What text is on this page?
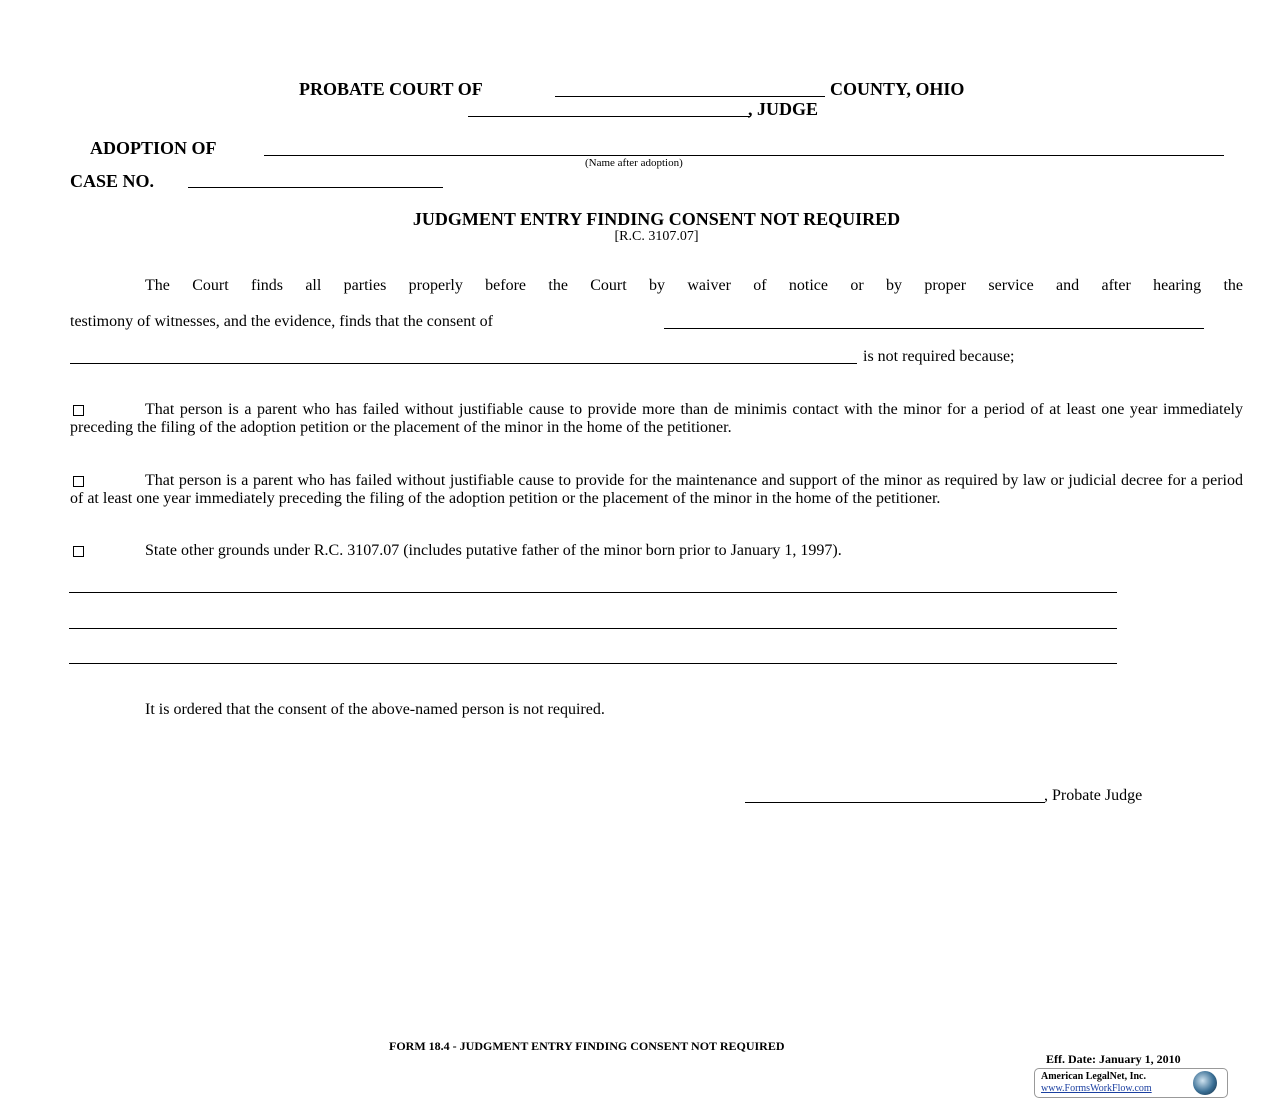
PROBATE COURT OF	COUNTY, OHIO
, JUDGE
ADOPTION OF
(Name after adoption)
CASE NO.
JUDGMENT ENTRY FINDING CONSENT NOT REQUIRED
[R.C. 3107.07]
The Court finds all parties properly before the Court by waiver of notice or by proper service and after hearing the
testimony of witnesses, and the evidence, finds that the consent of
is not required because;
That person is a parent who has failed without justifiable cause to provide more than de minimis contact with the minor for a period of at least one year immediately preceding the filing of the adoption petition or the placement of the minor in the home of the petitioner.
That person is a parent who has failed without justifiable cause to provide for the maintenance and support of the minor as required by law or judicial decree for a period of at least one year immediately preceding the filing of the adoption petition or the placement of the minor in the home of the petitioner.
State other grounds under R.C. 3107.07 (includes putative father of the minor born prior to January 1, 1997).
It is ordered that the consent of the above-named person is not required.
, Probate Judge
FORM 18.4 - JUDGMENT ENTRY FINDING CONSENT NOT REQUIRED
Eff. Date: January 1, 2010
American LegalNet, Inc.
www.FormsWorkFlow.com
